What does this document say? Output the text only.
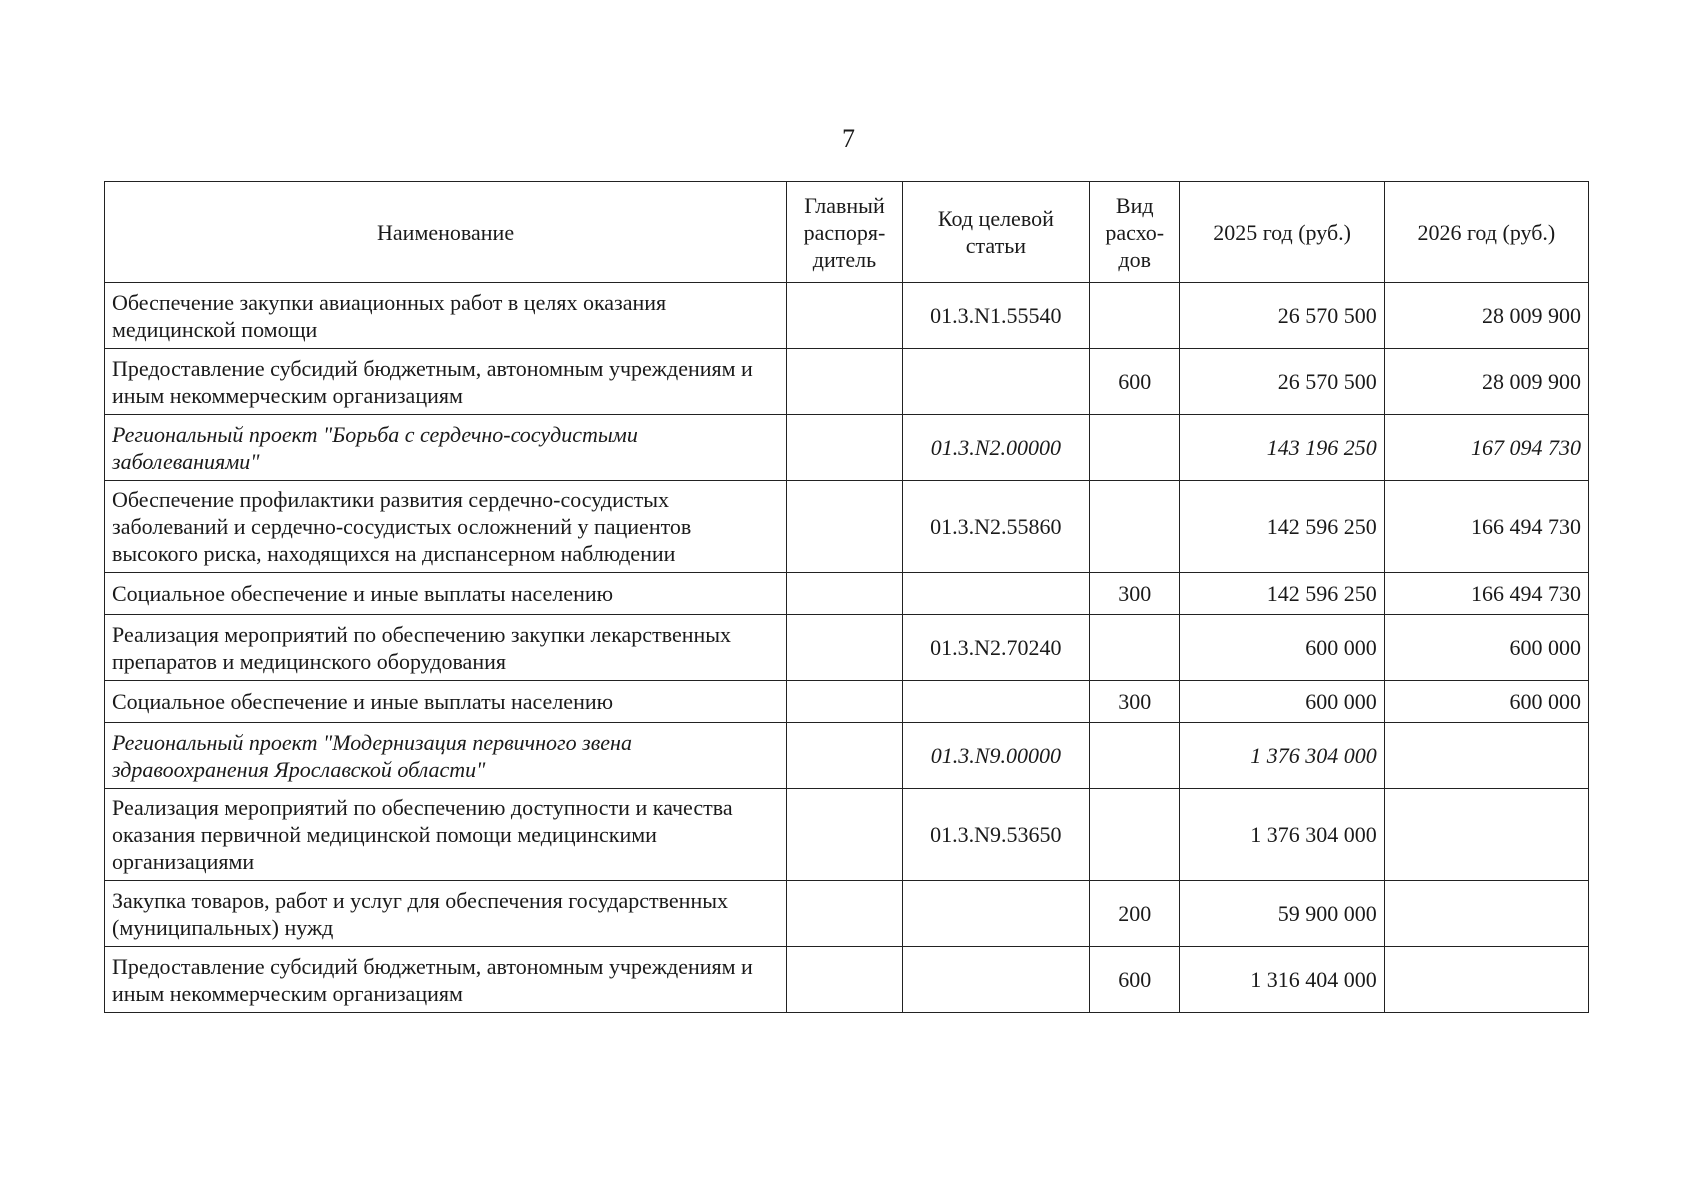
7
Наименование	Главный распоря- дитель	Код целевой статьи	Вид расхо- дов	2025 год (руб.)	2026 год (руб.)
Обеспечение закупки авиационных работ в целях оказания медицинской помощи		01.3.N1.55540		26 570 500	28 009 900
Предоставление субсидий бюджетным, автономным учреждениям и иным некоммерческим организациям			600	26 570 500	28 009 900
Региональный проект "Борьба с сердечно-сосудистыми заболеваниями"		01.3.N2.00000		143 196 250	167 094 730
Обеспечение профилактики развития сердечно-сосудистых заболеваний и сердечно-сосудистых осложнений у пациентов высокого риска, находящихся на диспансерном наблюдении		01.3.N2.55860		142 596 250	166 494 730
Социальное обеспечение и иные выплаты населению			300	142 596 250	166 494 730
Реализация мероприятий по обеспечению закупки лекарственных препаратов и медицинского оборудования		01.3.N2.70240		600 000	600 000
Социальное обеспечение и иные выплаты населению			300	600 000	600 000
Региональный проект "Модернизация первичного звена здравоохранения Ярославской области"		01.3.N9.00000		1 376 304 000	
Реализация мероприятий по обеспечению доступности и качества оказания первичной медицинской помощи медицинскими организациями		01.3.N9.53650		1 376 304 000	
Закупка товаров, работ и услуг для обеспечения государственных (муниципальных) нужд			200	59 900 000	
Предоставление субсидий бюджетным, автономным учреждениям и иным некоммерческим организациям			600	1 316 404 000	
